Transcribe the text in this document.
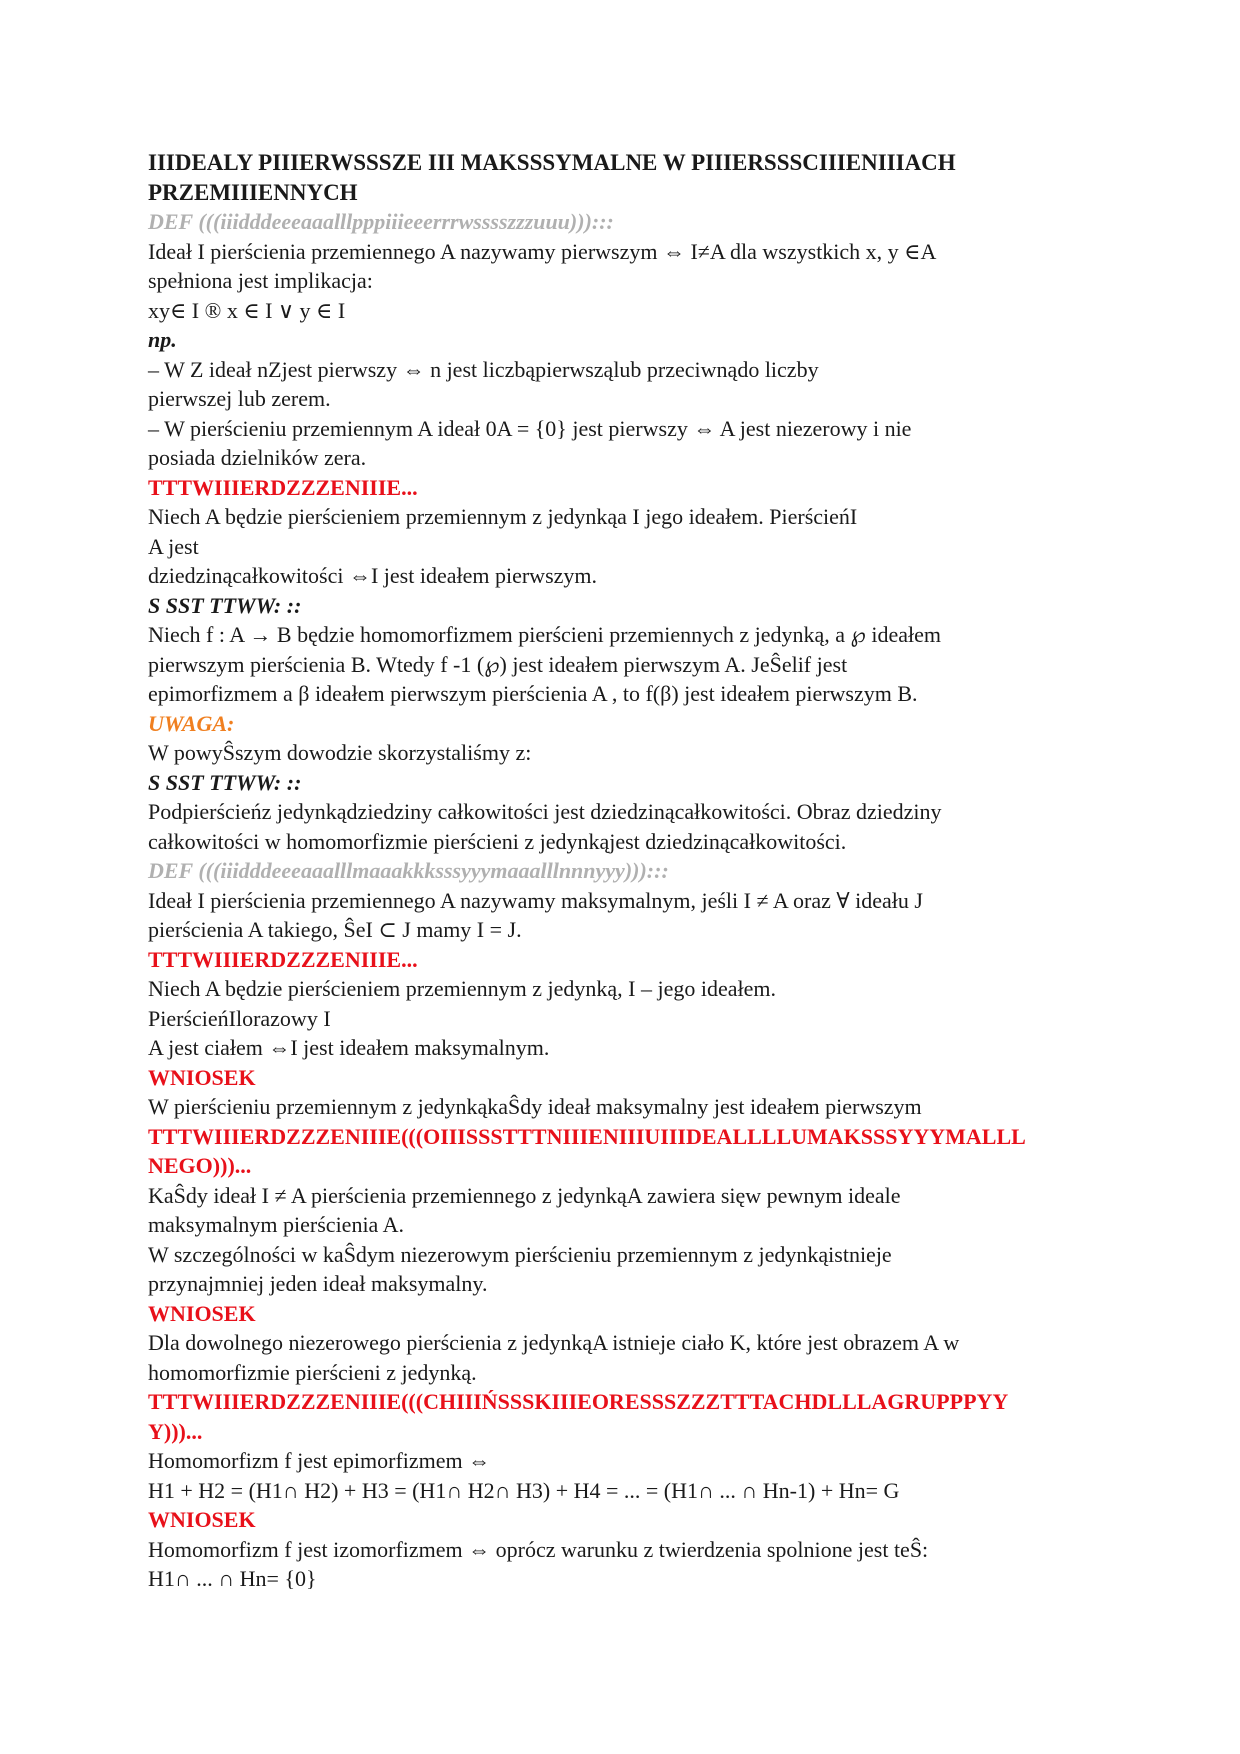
IIIDEALY PIIIERWSSSZE III MAKSSSYMALNE W PIIIERSSSCIIIENIIIACH
PRZEMIIIENNYCH
DEF (((iiidddeeeaaalllpppiiieeerrrwsssszzzuuu))):::
Ideał I pierścienia przemiennego A nazywamy pierwszym ⇔ I≠A dla wszystkich x, y ∈A
spełniona jest implikacja:
xy∈ I ® x ∈ I ∨ y ∈ I
np.
– W Z ideał nZjest pierwszy ⇔ n jest liczbąpierwsząlub przeciwnądo liczby
pierwszej lub zerem.
– W pierścieniu przemiennym A ideał 0A = {0} jest pierwszy ⇔ A jest niezerowy i nie
posiada dzielników zera.
TTTWIIIERDZZZENIIIE...
Niech A będzie pierścieniem przemiennym z jedynkąa I jego ideałem. PierścieńI
A jest
dziedzinącałkowitości ⇔I jest ideałem pierwszym.
S SST TTWW: ::
Niech f : A → B będzie homomorfizmem pierścieni przemiennych z jedynką, a ℘ ideałem
pierwszym pierścienia B. Wtedy f -1 (℘) jest ideałem pierwszym A. JeŜelif jest
epimorfizmem a β ideałem pierwszym pierścienia A , to f(β) jest ideałem pierwszym B.
UWAGA:
W powyŜszym dowodzie skorzystaliśmy z:
S SST TTWW: ::
Podpierścieńz jedynkądziedziny całkowitości jest dziedzinącałkowitości. Obraz dziedziny
całkowitości w homomorfizmie pierścieni z jedynkąjest dziedzinącałkowitości.
DEF (((iiidddeeeaaalllmaaakkksssyyymaaalllnnnyyy))):::
Ideał I pierścienia przemiennego A nazywamy maksymalnym, jeśli I ≠ A oraz ∀ ideału J
pierścienia A takiego, ŜeI ⊂ J mamy I = J.
TTTWIIIERDZZZENIIIE...
Niech A będzie pierścieniem przemiennym z jedynką, I – jego ideałem.
PierścieńIlorazowy I
A jest ciałem ⇔I jest ideałem maksymalnym.
WNIOSEK
W pierścieniu przemiennym z jedynkąkaŜdy ideał maksymalny jest ideałem pierwszym
TTTWIIIERDZZZENIIIE(((OIIISSSTTTNIIIENIIIUIIIDEALLLLUMAKSSSYYYMALLL
NEGO)))...
KaŜdy ideał I ≠ A pierścienia przemiennego z jedynkąA zawiera sięw pewnym ideale
maksymalnym pierścienia A.
W szczególności w kaŜdym niezerowym pierścieniu przemiennym z jedynkąistnieje
przynajmniej jeden ideał maksymalny.
WNIOSEK
Dla dowolnego niezerowego pierścienia z jedynkąA istnieje ciało K, które jest obrazem A w
homomorfizmie pierścieni z jedynką.
TTTWIIIERDZZZENIIIE(((CHIIIŃSSSKIIIEORESSSZZZTTTACHDLLLAGRUPPPYY
Y)))...
Homomorfizm f jest epimorfizmem ⇔
H1 + H2 = (H1∩ H2) + H3 = (H1∩ H2∩ H3) + H4 = ... = (H1∩ ... ∩ Hn-1) + Hn= G
WNIOSEK
Homomorfizm f jest izomorfizmem ⇔ oprócz warunku z twierdzenia spolnione jest teŜ:
H1∩ ... ∩ Hn= {0}
